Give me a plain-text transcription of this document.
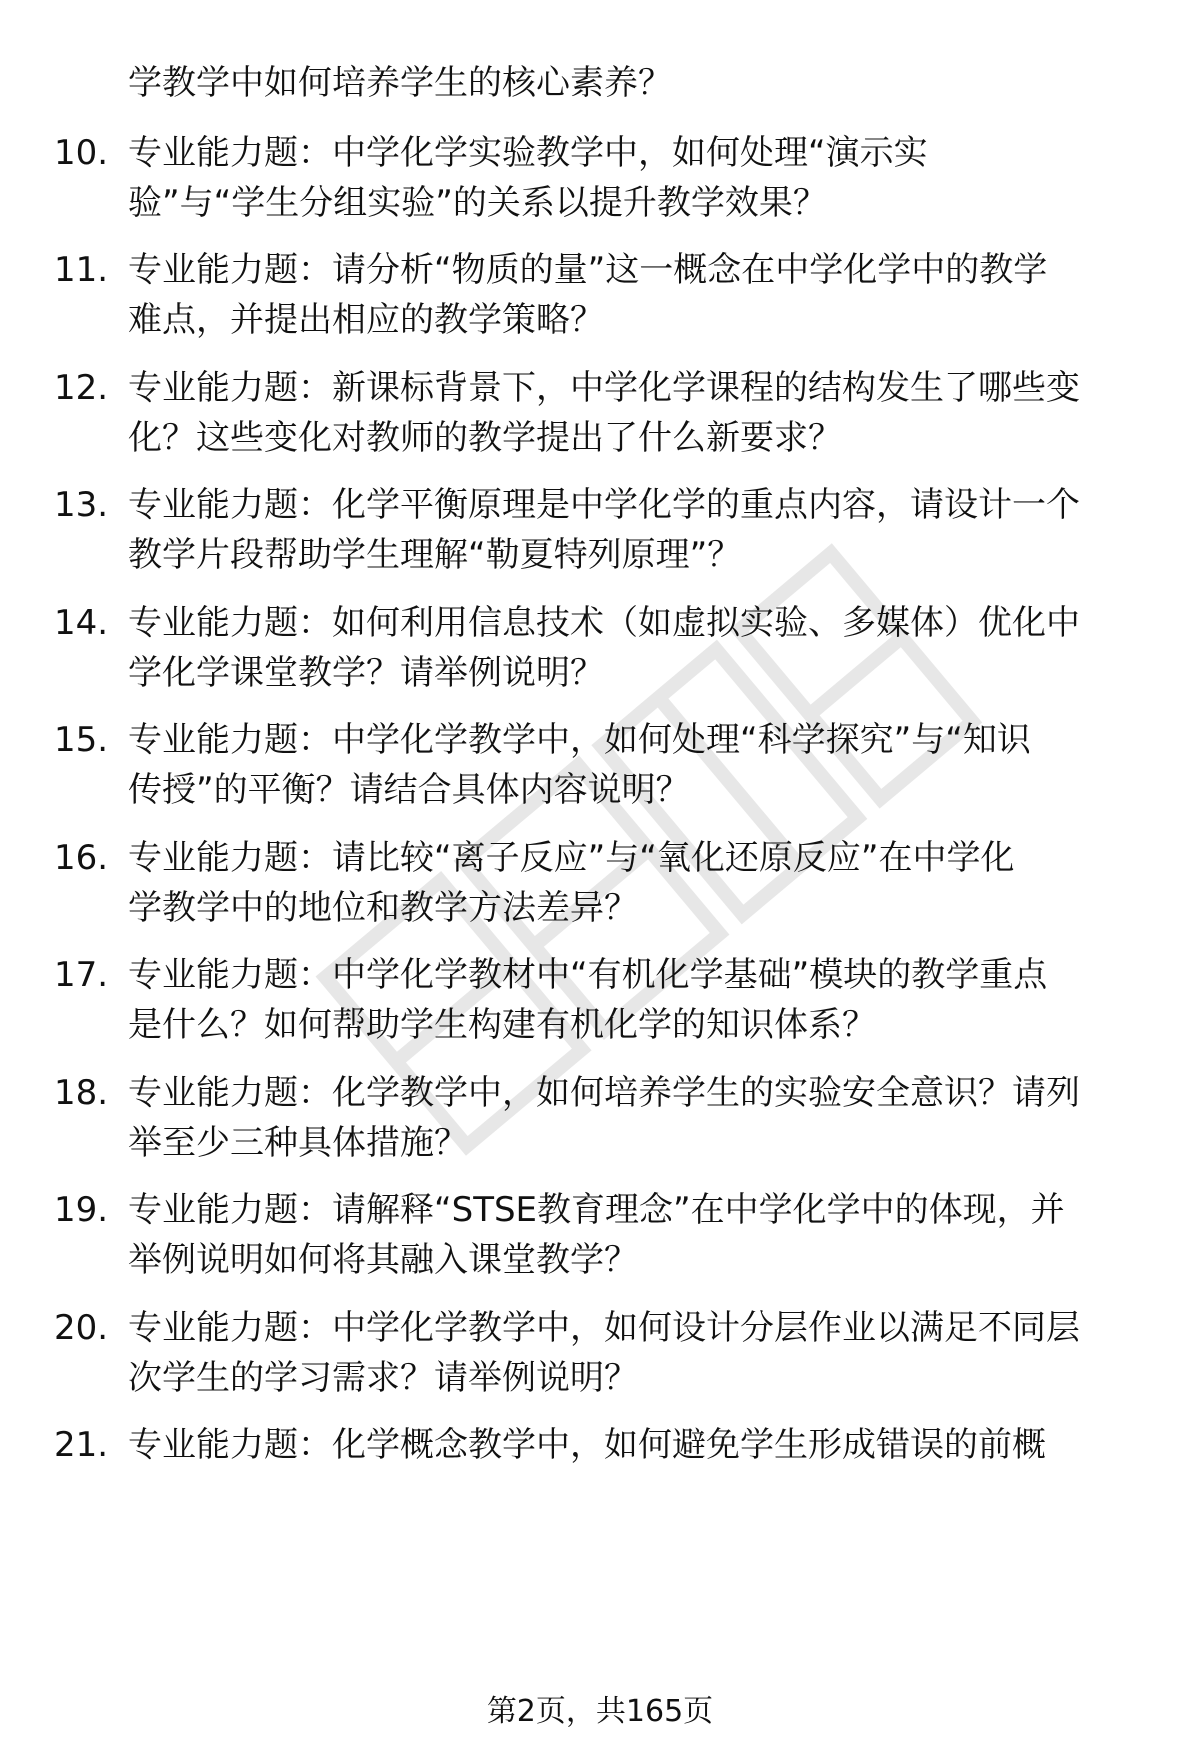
学教学中如何培养学生的核心素养？
10. 专业能力题：中学化学实验教学中，如何处理“演示实
验”与“学生分组实验”的关系以提升教学效果？
11. 专业能力题：请分析“物质的量”这一概念在中学化学中的教学
难点，并提出相应的教学策略？
12. 专业能力题：新课标背景下，中学化学课程的结构发生了哪些变
化？这些变化对教师的教学提出了什么新要求？
13. 专业能力题：化学平衡原理是中学化学的重点内容，请设计一个
教学片段帮助学生理解“勒夏特列原理”？
14. 专业能力题：如何利用信息技术（如虚拟实验、多媒体）优化中
学化学课堂教学？请举例说明？
15. 专业能力题：中学化学教学中，如何处理“科学探究”与“知识
传授”的平衡？请结合具体内容说明？
16. 专业能力题：请比较“离子反应”与“氧化还原反应”在中学化
学教学中的地位和教学方法差异？
17. 专业能力题：中学化学教材中“有机化学基础”模块的教学重点
是什么？如何帮助学生构建有机化学的知识体系？
18. 专业能力题：化学教学中，如何培养学生的实验安全意识？请列
举至少三种具体措施？
19. 专业能力题：请解释“STSE教育理念”在中学化学中的体现，并
举例说明如何将其融入课堂教学？
20. 专业能力题：中学化学教学中，如何设计分层作业以满足不同层
次学生的学习需求？请举例说明？
21. 专业能力题：化学概念教学中，如何避免学生形成错误的前概
第2页，共165页
